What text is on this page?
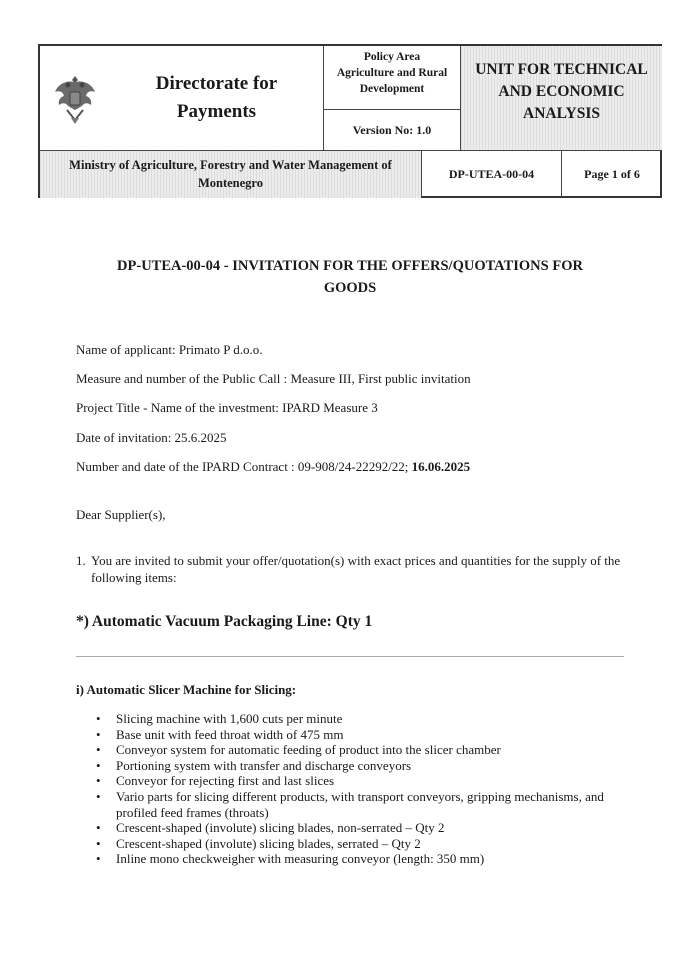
Directorate for
Payments
Policy Area
Agriculture and Rural
Development
Version No: 1.0
UNIT FOR TECHNICAL
AND ECONOMIC
ANALYSIS
Ministry of Agriculture, Forestry and Water Management of
Montenegro
DP-UTEA-00-04	Page 1 of 6
DP-UTEA-00-04 - INVITATION FOR THE OFFERS/QUOTATIONS FOR
GOODS
Name of applicant: Primato P d.o.o.
Measure and number of the Public Call : Measure III, First public invitation
Project Title - Name of the investment: IPARD Measure 3
Date of invitation: 25.6.2025
Number and date of the IPARD Contract : 09-908/24-22292/22; 16.06.2025
Dear Supplier(s),
1. You are invited to submit your offer/quotation(s) with exact prices and quantities for the supply of the following items:
*) Automatic Vacuum Packaging Line: Qty 1
i) Automatic Slicer Machine for Slicing:
• Slicing machine with 1,600 cuts per minute
• Base unit with feed throat width of 475 mm
• Conveyor system for automatic feeding of product into the slicer chamber
• Portioning system with transfer and discharge conveyors
• Conveyor for rejecting first and last slices
• Vario parts for slicing different products, with transport conveyors, gripping mechanisms, and profiled feed frames (throats)
• Crescent-shaped (involute) slicing blades, non-serrated – Qty 2
• Crescent-shaped (involute) slicing blades, serrated – Qty 2
• Inline mono checkweigher with measuring conveyor (length: 350 mm)
